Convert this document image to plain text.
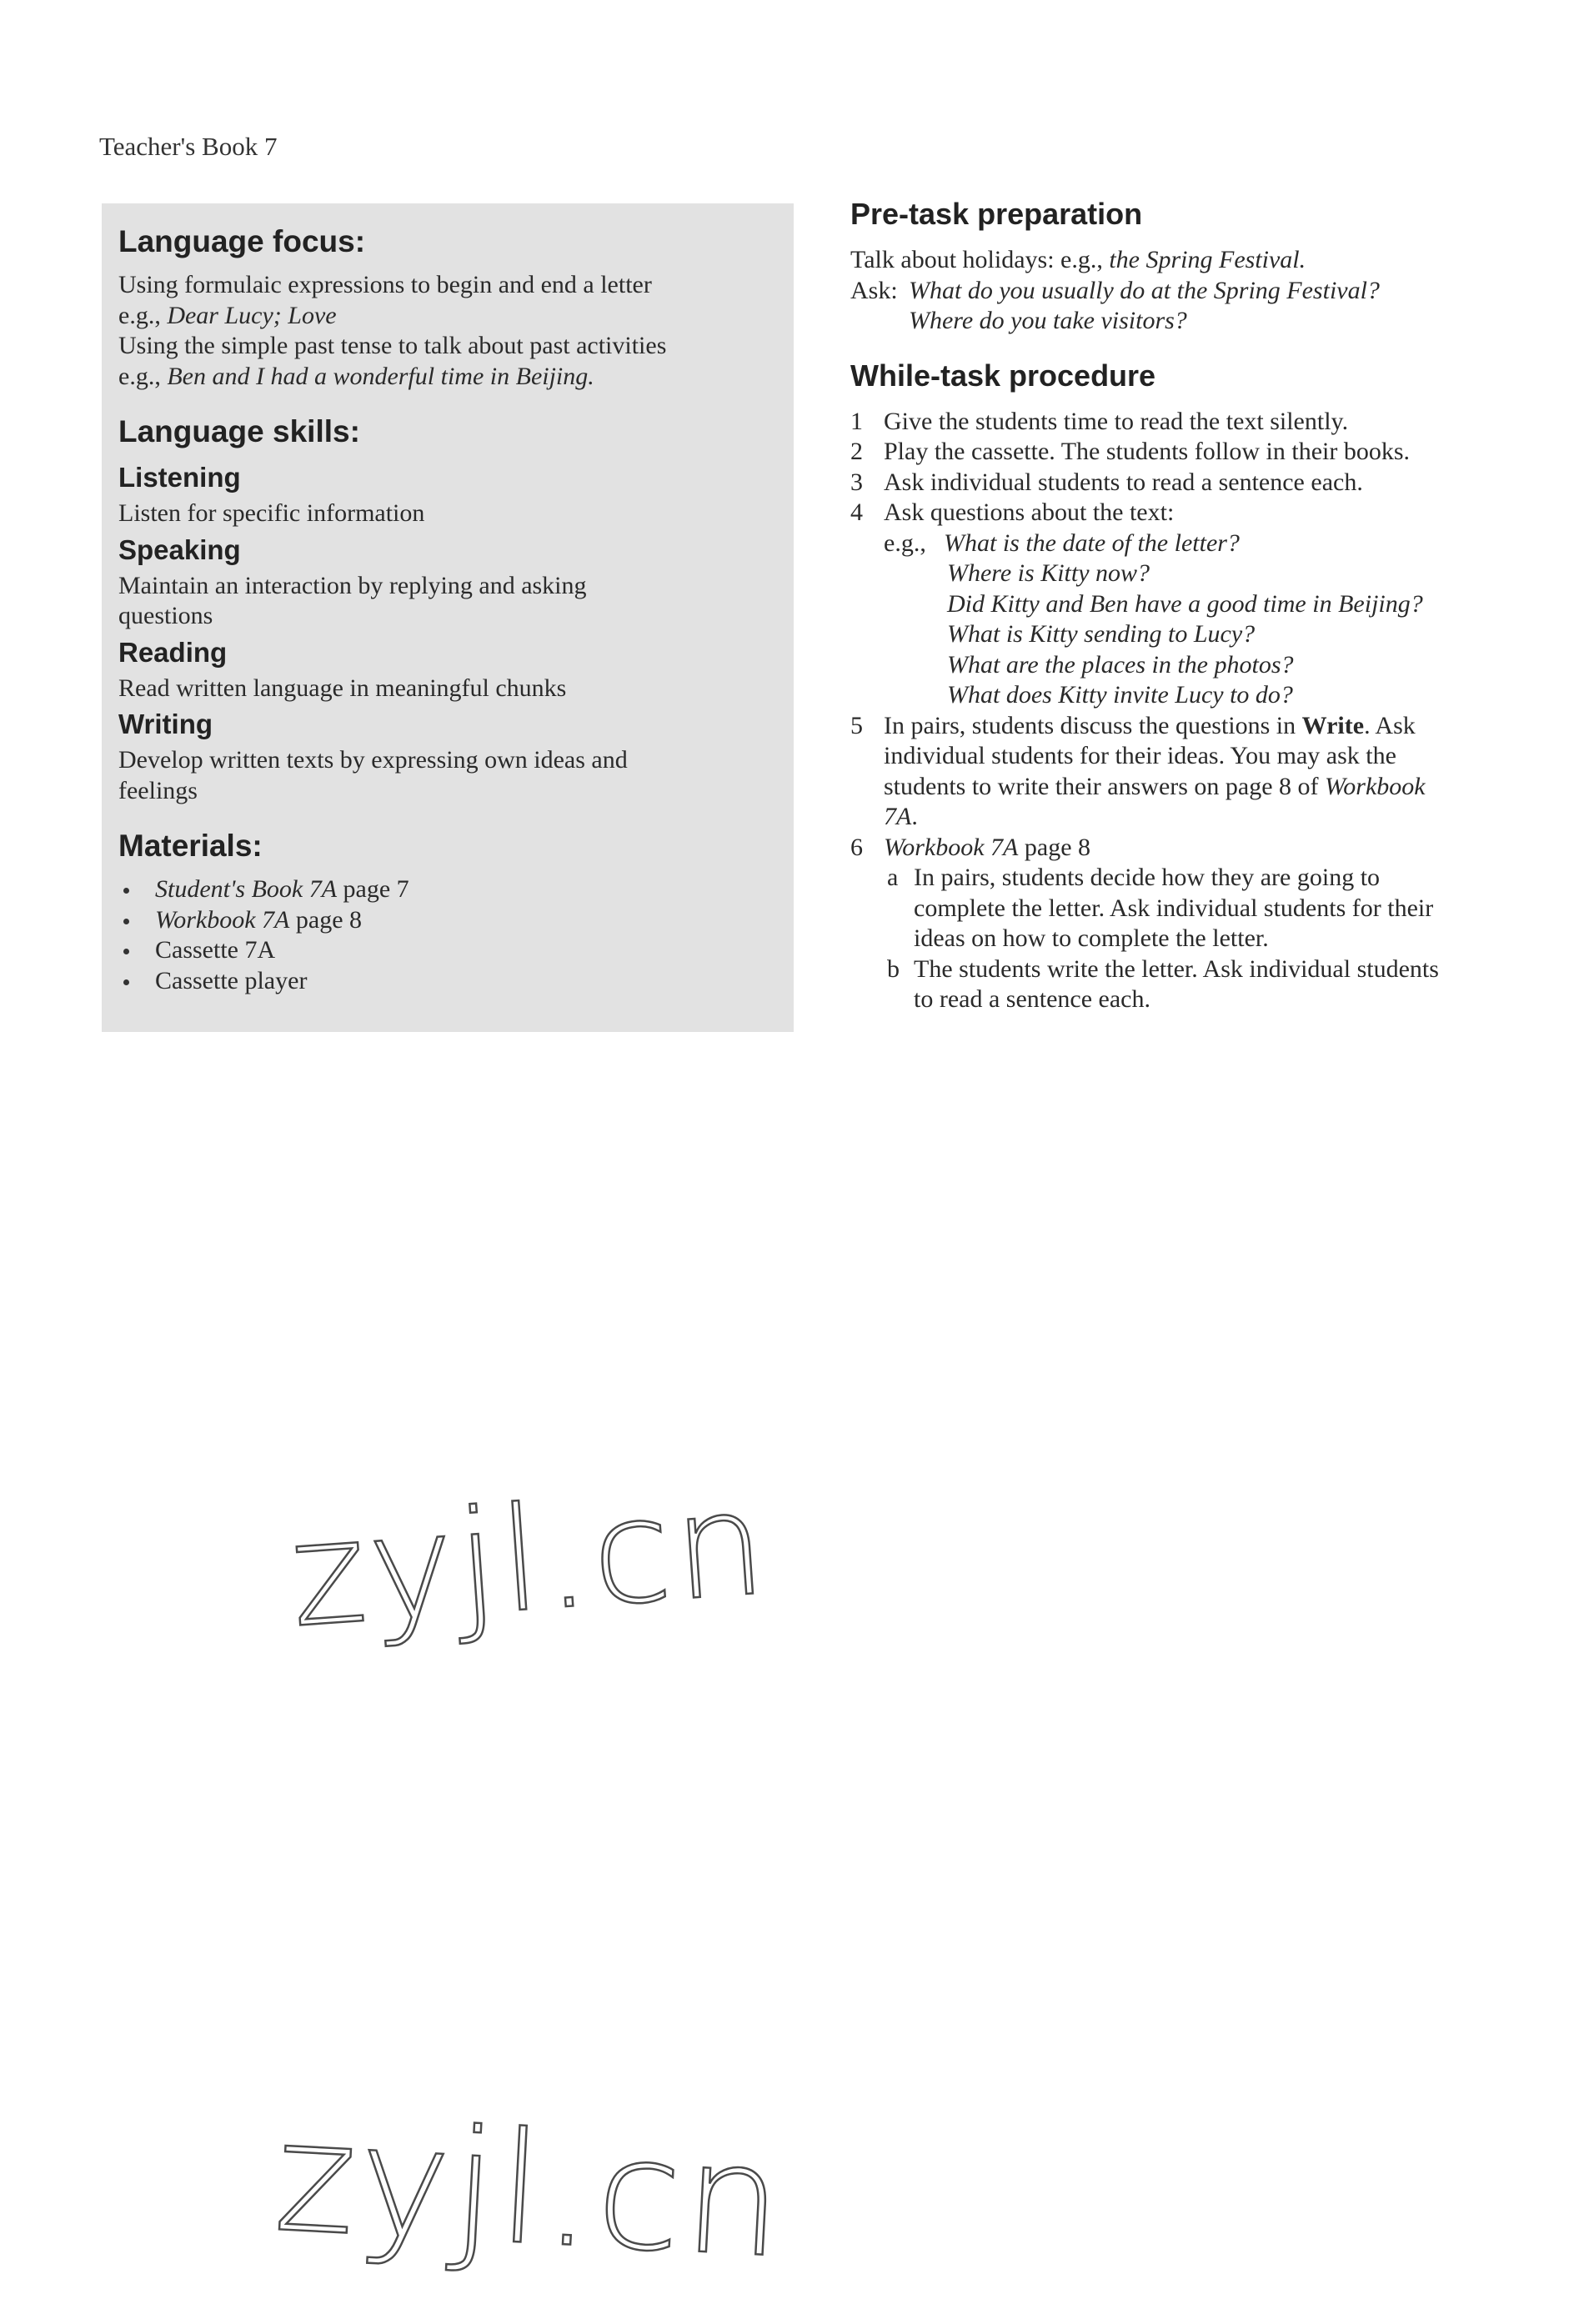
Teacher's Book 7
Language focus:

Using formulaic expressions to begin and end a letter

e.g., Dear Lucy; Love

Using the simple past tense to talk about past activities

e.g., Ben and I had a wonderful time in Beijing.

Language skills:
Listening

Listen for specific information

Speaking

Maintain an interaction by replying and asking

questions

Reading

Read written language in meaningful chunks

Writing

Develop written texts by expressing own ideas and

feelings

Materials:
Student's Book 7A page 7
Workbook 7A page 8
Cassette 7A
Cassette player
Pre-task preparation

Talk about holidays: e.g., the Spring Festival.

Ask: What do you usually do at the Spring Festival?

Where do you take visitors?

While-task procedure
1 Give the students time to read the text silently.
2 Play the cassette. The students follow in their books.
3 Ask individual students to read a sentence each.
4 Ask questions about the text:

e.g., What is the date of the letter?

Where is Kitty now?

Did Kitty and Ben have a good time in Beijing?

What is Kitty sending to Lucy?

What are the places in the photos?

What does Kitty invite Lucy to do?

5 In pairs, students discuss the questions in Write. Ask
individual students for their ideas. You may ask the
students to write their answers on page 8 of Workbook
7A.
6 Workbook 7A page 8
a In pairs, students decide how they are going to
complete the letter. Ask individual students for their
ideas on how to complete the letter.
b The students write the letter. Ask individual students
to read a sentence each.
zyjl.cn
zyjl.cn
